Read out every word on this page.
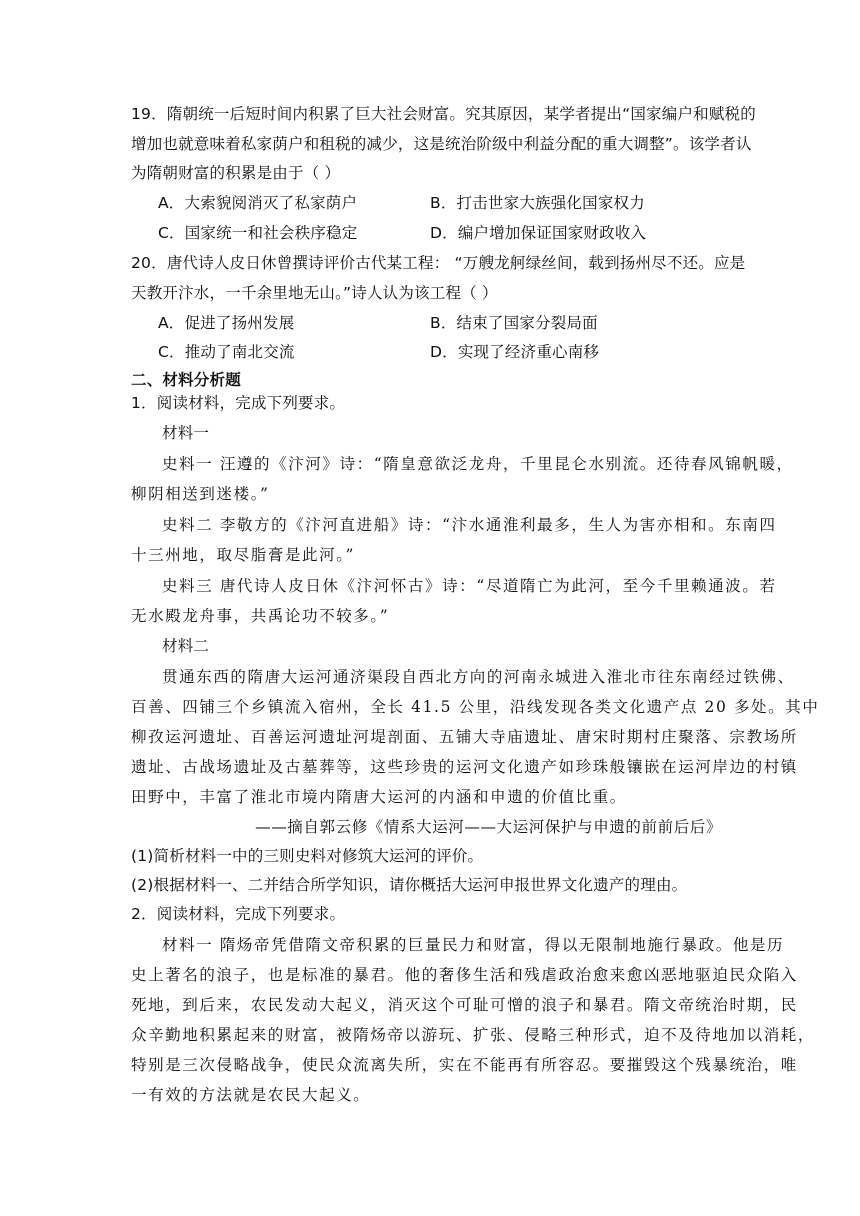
19．隋朝统一后短时间内积累了巨大社会财富。究其原因，某学者提出“国家编户和赋税的
增加也就意味着私家荫户和租税的减少，这是统治阶级中利益分配的重大调整”。该学者认
为隋朝财富的积累是由于（ ）
A．大索貌阅消灭了私家荫户	B．打击世家大族强化国家权力
C．国家统一和社会秩序稳定	D．编户增加保证国家财政收入
20．唐代诗人皮日休曾撰诗评价古代某工程： “万艘龙舸绿丝间，载到扬州尽不还。应是
天教开汴水，一千余里地无山。”诗人认为该工程（ ）
A．促进了扬州发展	B．结束了国家分裂局面
C．推动了南北交流	D．实现了经济重心南移
二、材料分析题
1．阅读材料，完成下列要求。
材料一
史料一 汪遵的《汴河》诗：“隋皇意欲泛龙舟，千里昆仑水别流。还待春风锦帆暖，
柳阴相送到迷楼。”
史料二 李敬方的《汴河直进船》诗：“汴水通淮利最多，生人为害亦相和。东南四
十三州地，取尽脂膏是此河。”
史料三 唐代诗人皮日休《汴河怀古》诗：“尽道隋亡为此河，至今千里赖通波。若
无水殿龙舟事，共禹论功不较多。”
材料二
贯通东西的隋唐大运河通济渠段自西北方向的河南永城进入淮北市往东南经过铁佛、
百善、四铺三个乡镇流入宿州，全长 41.5 公里，沿线发现各类文化遗产点 20 多处。其中
柳孜运河遗址、百善运河遗址河堤剖面、五铺大寺庙遗址、唐宋时期村庄聚落、宗教场所
遗址、古战场遗址及古墓葬等，这些珍贵的运河文化遗产如珍珠般镶嵌在运河岸边的村镇
田野中，丰富了淮北市境内隋唐大运河的内涵和申遗的价值比重。
——摘自郭云修《情系大运河——大运河保护与申遗的前前后后》
(1)简析材料一中的三则史料对修筑大运河的评价。
(2)根据材料一、二并结合所学知识，请你概括大运河申报世界文化遗产的理由。
2．阅读材料，完成下列要求。
材料一 隋炀帝凭借隋文帝积累的巨量民力和财富，得以无限制地施行暴政。他是历
史上著名的浪子，也是标准的暴君。他的奢侈生活和残虐政治愈来愈凶恶地驱迫民众陷入
死地，到后来，农民发动大起义，消灭这个可耻可憎的浪子和暴君。隋文帝统治时期，民
众辛勤地积累起来的财富，被隋炀帝以游玩、扩张、侵略三种形式，迫不及待地加以消耗，
特别是三次侵略战争，使民众流离失所，实在不能再有所容忍。要摧毁这个残暴统治，唯
一有效的方法就是农民大起义。
